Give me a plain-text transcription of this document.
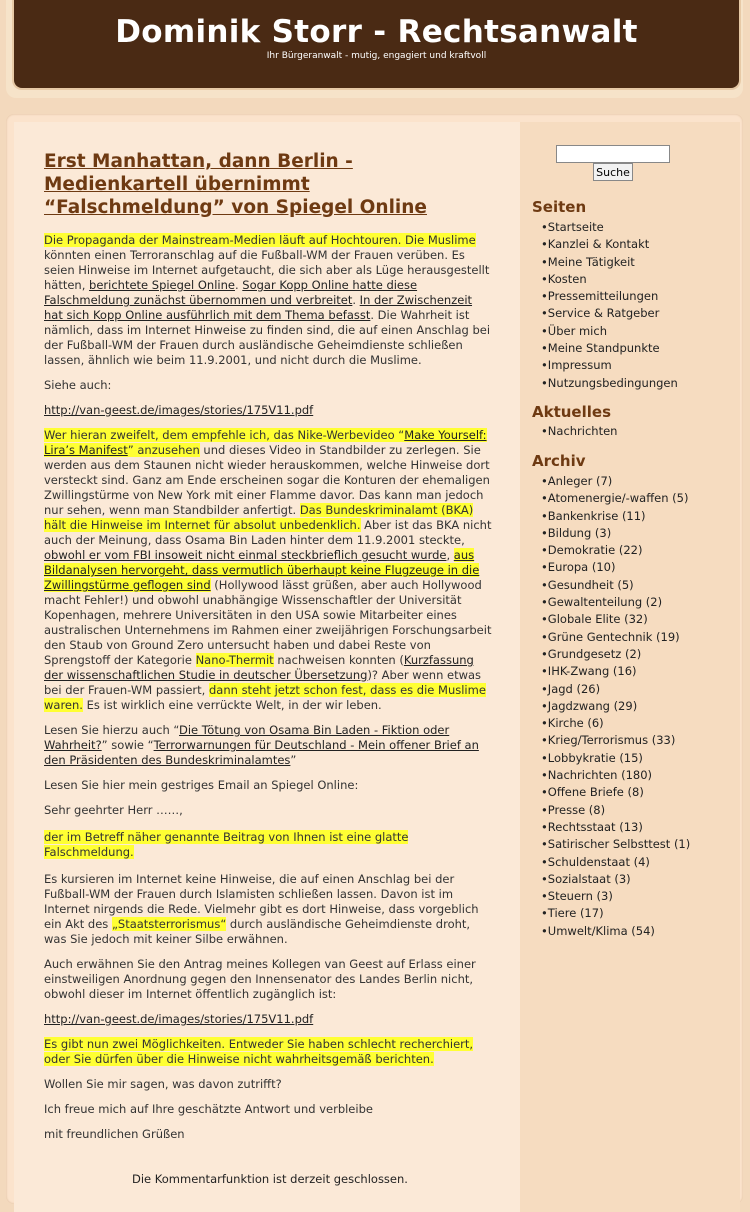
Dominik Storr - Rechtsanwalt
Ihr Bürgeranwalt - mutig, engagiert und kraftvoll
Erst Manhattan, dann Berlin - Medienkartell übernimmt “Falschmeldung” von Spiegel Online

Die Propaganda der Mainstream-Medien läuft auf Hochtouren. Die Muslime könnten einen Terroranschlag auf die Fußball-WM der Frauen verüben. Es seien Hinweise im Internet aufgetaucht, die sich aber als Lüge herausgestellt hätten, berichtete Spiegel Online. Sogar Kopp Online hatte diese Falschmeldung zunächst übernommen und verbreitet. In der Zwischenzeit hat sich Kopp Online ausführlich mit dem Thema befasst. Die Wahrheit ist nämlich, dass im Internet Hinweise zu finden sind, die auf einen Anschlag bei der Fußball-WM der Frauen durch ausländische Geheimdienste schließen lassen, ähnlich wie beim 11.9.2001, und nicht durch die Muslime.

Siehe auch:

http://van-geest.de/images/stories/175V11.pdf

Wer hieran zweifelt, dem empfehle ich, das Nike-Werbevideo “Make Yourself: Lira’s Manifest” anzusehen und dieses Video in Standbilder zu zerlegen. Sie werden aus dem Staunen nicht wieder herauskommen, welche Hinweise dort versteckt sind. Ganz am Ende erscheinen sogar die Konturen der ehemaligen Zwillingstürme von New York mit einer Flamme davor. Das kann man jedoch nur sehen, wenn man Standbilder anfertigt. Das Bundeskriminalamt (BKA) hält die Hinweise im Internet für absolut unbedenklich. Aber ist das BKA nicht auch der Meinung, dass Osama Bin Laden hinter dem 11.9.2001 steckte, obwohl er vom FBI insoweit nicht einmal steckbrieflich gesucht wurde, aus Bildanalysen hervorgeht, dass vermutlich überhaupt keine Flugzeuge in die Zwillingstürme geflogen sind (Hollywood lässt grüßen, aber auch Hollywood macht Fehler!) und obwohl unabhängige Wissenschaftler der Universität Kopenhagen, mehrere Universitäten in den USA sowie Mitarbeiter eines australischen Unternehmens im Rahmen einer zweijährigen Forschungsarbeit den Staub von Ground Zero untersucht haben und dabei Reste von Sprengstoff der Kategorie Nano-Thermit nachweisen konnten (Kurzfassung der wissenschaftlichen Studie in deutscher Übersetzung)? Aber wenn etwas bei der Frauen-WM passiert, dann steht jetzt schon fest, dass es die Muslime waren. Es ist wirklich eine verrückte Welt, in der wir leben.

Lesen Sie hierzu auch “Die Tötung von Osama Bin Laden - Fiktion oder Wahrheit?” sowie “Terrorwarnungen für Deutschland - Mein offener Brief an den Präsidenten des Bundeskriminalamtes”

Lesen Sie hier mein gestriges Email an Spiegel Online:

Sehr geehrter Herr ……,

der im Betreff näher genannte Beitrag von Ihnen ist eine glatte Falschmeldung.

Es kursieren im Internet keine Hinweise, die auf einen Anschlag bei der Fußball-WM der Frauen durch Islamisten schließen lassen. Davon ist im Internet nirgends die Rede. Vielmehr gibt es dort Hinweise, dass vorgeblich ein Akt des „Staatsterrorismus“ durch ausländische Geheimdienste droht, was Sie jedoch mit keiner Silbe erwähnen.

Auch erwähnen Sie den Antrag meines Kollegen van Geest auf Erlass einer einstweiligen Anordnung gegen den Innensenator des Landes Berlin nicht, obwohl dieser im Internet öffentlich zugänglich ist:

http://van-geest.de/images/stories/175V11.pdf

Es gibt nun zwei Möglichkeiten. Entweder Sie haben schlecht recherchiert, oder Sie dürfen über die Hinweise nicht wahrheitsgemäß berichten.

Wollen Sie mir sagen, was davon zutrifft?

Ich freue mich auf Ihre geschätzte Antwort und verbleibe

mit freundlichen Grüßen

Die Kommentarfunktion ist derzeit geschlossen.
Suche
Seiten
•Startseite
•Kanzlei & Kontakt
•Meine Tätigkeit
•Kosten
•Pressemitteilungen
•Service & Ratgeber
•Über mich
•Meine Standpunkte
•Impressum
•Nutzungsbedingungen
Aktuelles
•Nachrichten
Archiv
•Anleger (7)
•Atomenergie/-waffen (5)
•Bankenkrise (11)
•Bildung (3)
•Demokratie (22)
•Europa (10)
•Gesundheit (5)
•Gewaltenteilung (2)
•Globale Elite (32)
•Grüne Gentechnik (19)
•Grundgesetz (2)
•IHK-Zwang (16)
•Jagd (26)
•Jagdzwang (29)
•Kirche (6)
•Krieg/Terrorismus (33)
•Lobbykratie (15)
•Nachrichten (180)
•Offene Briefe (8)
•Presse (8)
•Rechtsstaat (13)
•Satirischer Selbsttest (1)
•Schuldenstaat (4)
•Sozialstaat (3)
•Steuern (3)
•Tiere (17)
•Umwelt/Klima (54)
